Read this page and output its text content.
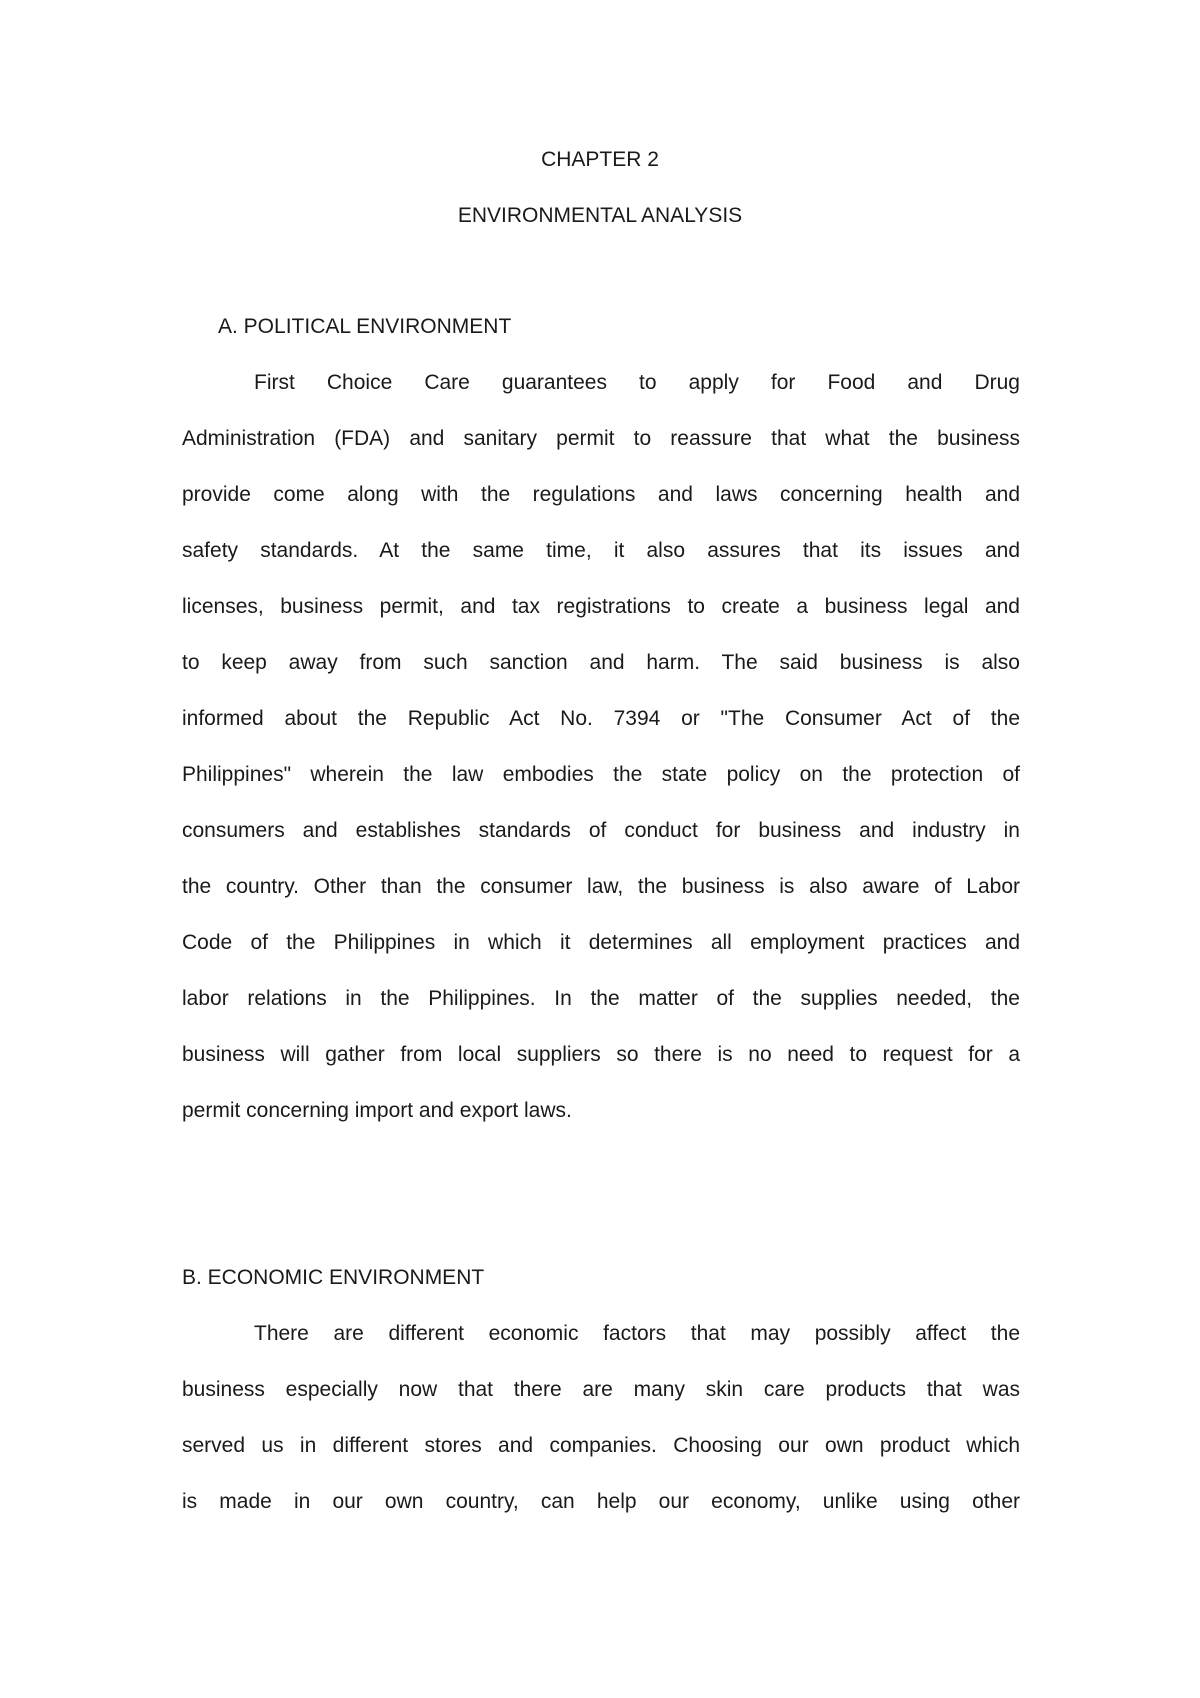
CHAPTER 2
ENVIRONMENTAL ANALYSIS
A. POLITICAL ENVIRONMENT
First Choice Care guarantees to apply for Food and Drug
Administration (FDA) and sanitary permit to reassure that what the business
provide come along with the regulations and laws concerning health and
safety standards. At the same time, it also assures that its issues and
licenses, business permit, and tax registrations to create a business legal and
to keep away from such sanction and harm. The said business is also
informed about the Republic Act No. 7394 or "The Consumer Act of the
Philippines" wherein the law embodies the state policy on the protection of
consumers and establishes standards of conduct for business and industry in
the country. Other than the consumer law, the business is also aware of Labor
Code of the Philippines in which it determines all employment practices and
labor relations in the Philippines. In the matter of the supplies needed, the
business will gather from local suppliers so there is no need to request for a
permit concerning import and export laws.
B. ECONOMIC ENVIRONMENT
There are different economic factors that may possibly affect the
business especially now that there are many skin care products that was
served us in different stores and companies. Choosing our own product which
is made in our own country, can help our economy, unlike using other
